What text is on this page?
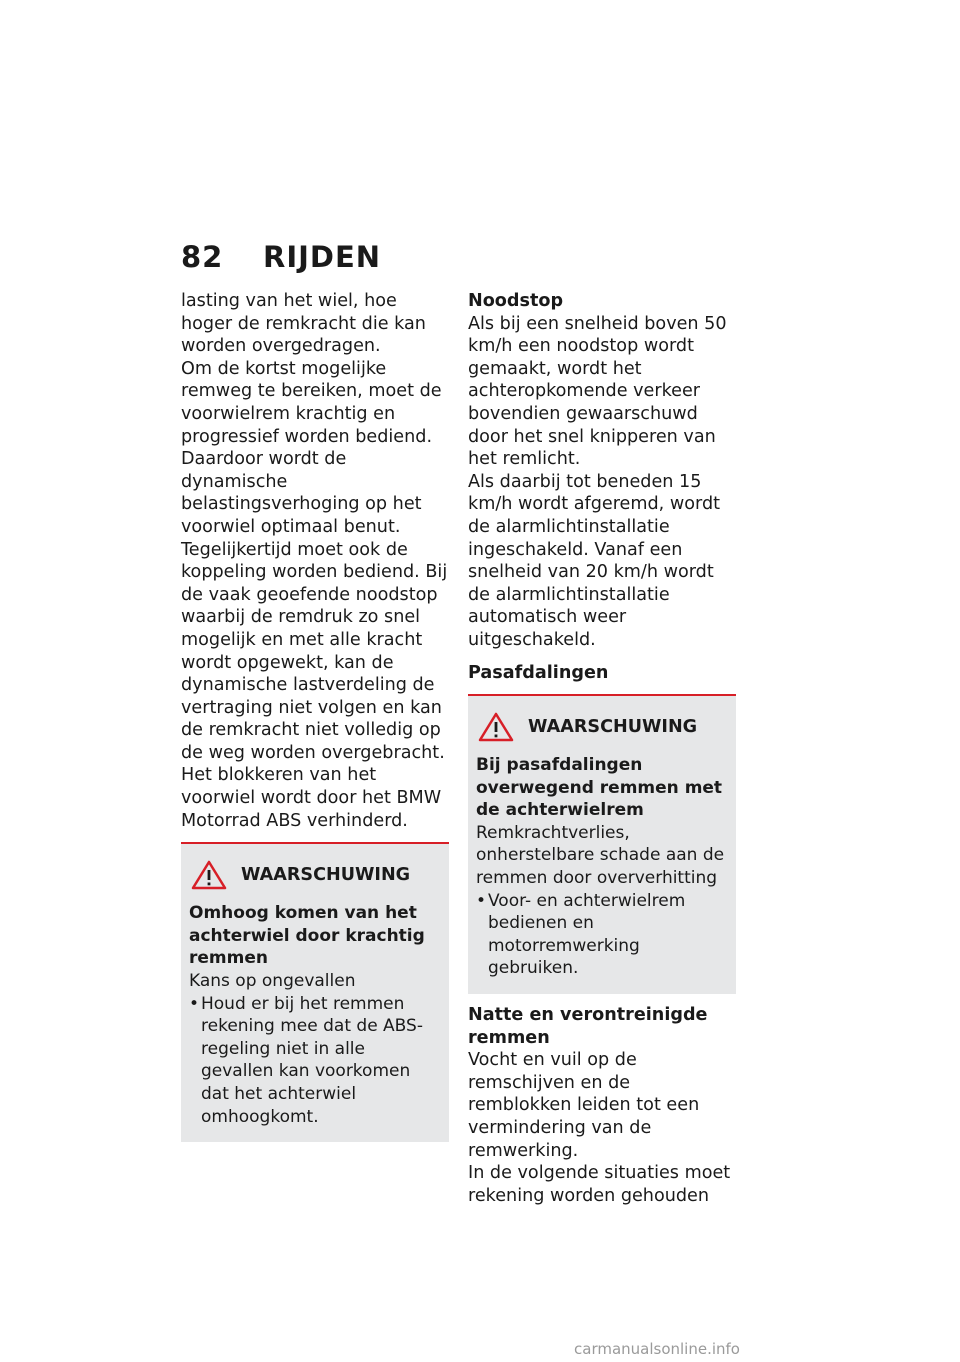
82 RIJDEN

lasting van het wiel, hoe hoger de remkracht die kan worden overgedragen.

Om de kortst mogelijke remweg te bereiken, moet de voorwielrem krachtig en progressief worden bediend. Daardoor wordt de dynamische belastingsverhoging op het voorwiel optimaal benut. Tegelijkertijd moet ook de koppeling worden bediend. Bij de vaak geoefende noodstop waarbij de remdruk zo snel mogelijk en met alle kracht wordt opgewekt, kan de dynamische lastverdeling de vertraging niet volgen en kan de remkracht niet volledig op de weg worden overgebracht.

Het blokkeren van het voorwiel wordt door het BMW Motorrad ABS verhinderd.

WAARSCHUWING

Omhoog komen van het achterwiel door krachtig remmen

Kans op ongevallen

• Houd er bij het remmen rekening mee dat de ABS-regeling niet in alle gevallen kan voorkomen dat het achterwiel omhoogkomt.

Noodstop

Als bij een snelheid boven 50 km/h een noodstop wordt gemaakt, wordt het achteropkomende verkeer bovendien gewaarschuwd door het snel knipperen van het remlicht.

Als daarbij tot beneden 15 km/h wordt afgeremd, wordt de alarmlichtinstallatie ingeschakeld. Vanaf een snelheid van 20 km/h wordt de alarmlichtinstallatie automatisch weer uitgeschakeld.

Pasafdalingen

WAARSCHUWING

Bij pasafdalingen overwegend remmen met de achterwielrem

Remkrachtverlies, onherstelbare schade aan de remmen door oververhitting

• Voor- en achterwielrem bedienen en motorremwerking gebruiken.

Natte en verontreinigde remmen

Vocht en vuil op de remschijven en de remblokken leiden tot een vermindering van de remwerking.

In de volgende situaties moet rekening worden gehouden

carmanualsonline.info
